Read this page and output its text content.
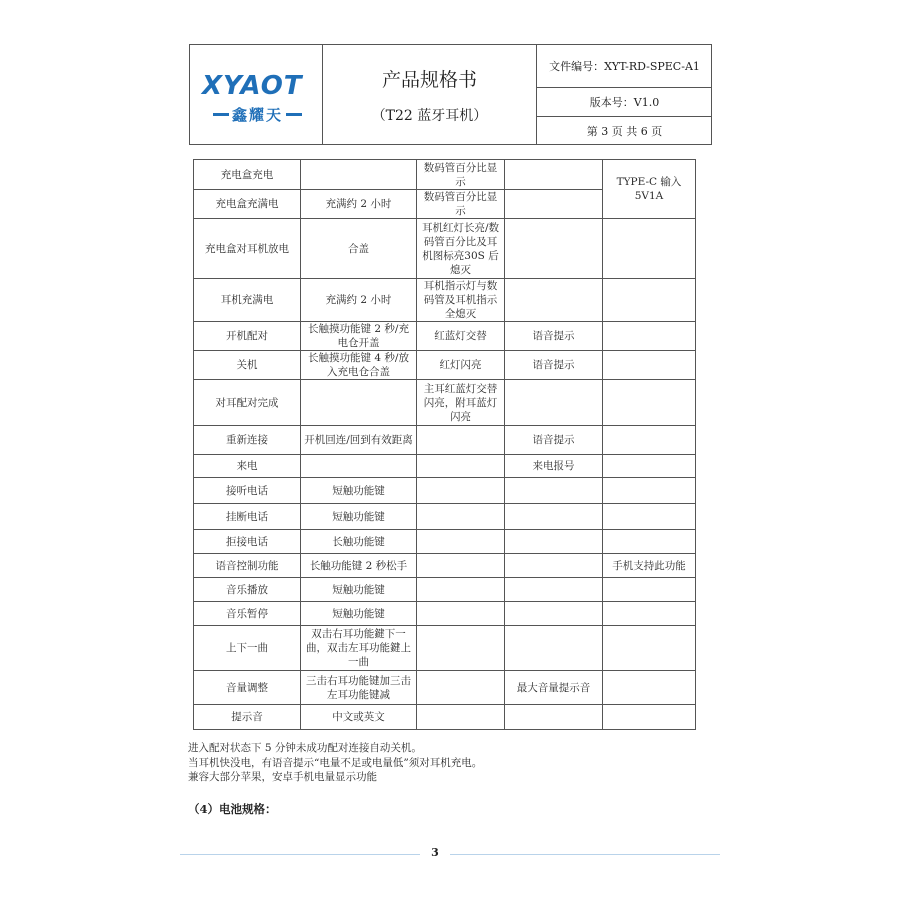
XYAOT
鑫耀天
产品规格书
（T22 蓝牙耳机）
文件编号：XYT-RD-SPEC-A1
版本号：V1.0
第 3 页 共 6 页
充电盒充电		数码管百分比显示		TYPE-C 输入5V1A
充电盒充满电	充满约 2 小时	数码管百分比显示		
充电盒对耳机放电	合盖	耳机红灯长亮/数码管百分比及耳机图标亮30S 后熄灭		
耳机充满电	充满约 2 小时	耳机指示灯与数码管及耳机指示全熄灭		
开机配对	长触摸功能键 2 秒/充电仓开盖	红蓝灯交替	语音提示	
关机	长触摸功能键 4 秒/放入充电仓合盖	红灯闪亮	语音提示	
对耳配对完成		主耳红蓝灯交替闪亮，附耳蓝灯闪亮		
重新连接	开机回连/回到有效距离		语音提示	
来电			来电报号	
接听电话	短触功能键			
挂断电话	短触功能键			
拒接电话	长触功能键			
语音控制功能	长触功能键 2 秒松手			手机支持此功能
音乐播放	短触功能键			
音乐暂停	短触功能键			
上下一曲	双击右耳功能鍵下一曲，双击左耳功能鍵上一曲			
音量调整	三击右耳功能键加三击左耳功能键减		最大音量提示音	
提示音	中文或英文			
进入配对状态下 5 分钟未成功配对连接自动关机。
当耳机快没电，有语音提示“电量不足或电量低”须对耳机充电。
兼容大部分苹果，安卓手机电量显示功能
（4）电池规格：
3
